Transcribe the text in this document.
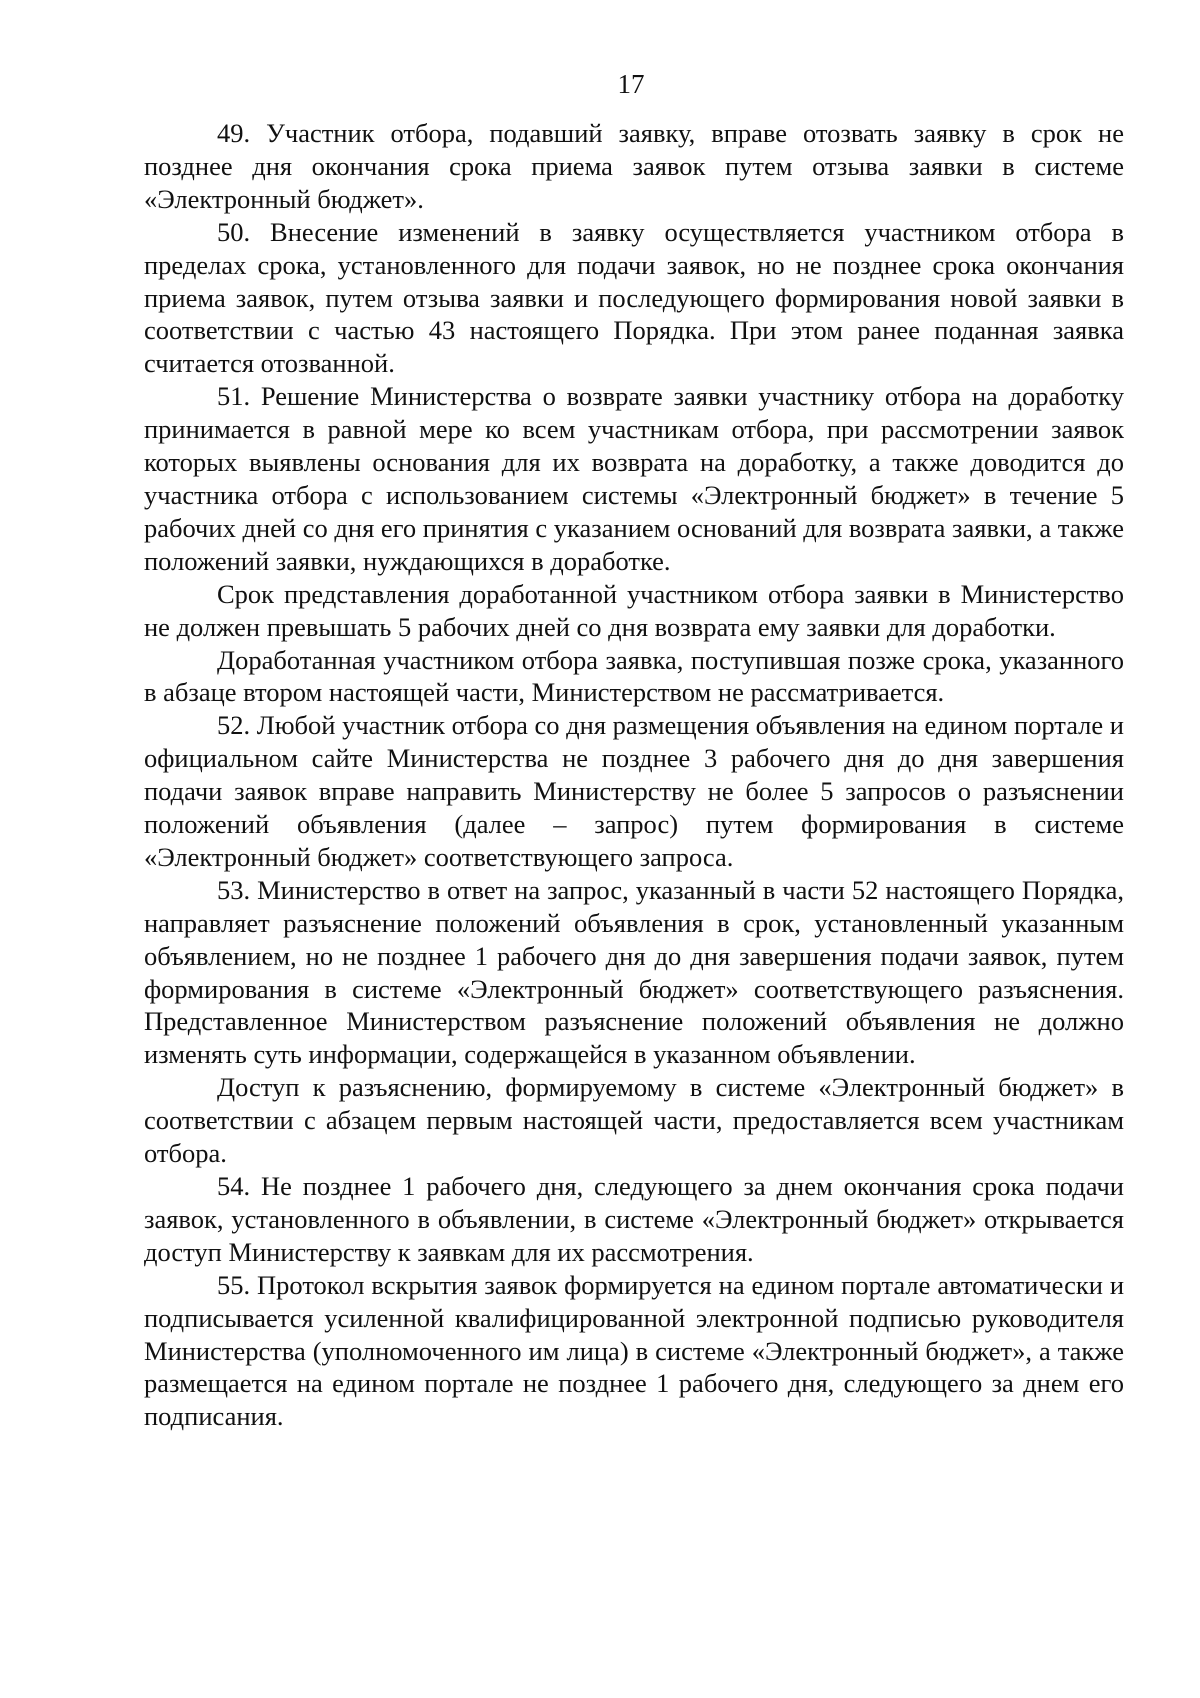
17

49. Участник отбора, подавший заявку, вправе отозвать заявку в срок не позднее дня окончания срока приема заявок путем отзыва заявки в системе «Электронный бюджет».

50. Внесение изменений в заявку осуществляется участником отбора в пределах срока, установленного для подачи заявок, но не позднее срока окончания приема заявок, путем отзыва заявки и последующего формирования новой заявки в соответствии с частью 43 настоящего Порядка. При этом ранее поданная заявка считается отозванной.

51. Решение Министерства о возврате заявки участнику отбора на доработку принимается в равной мере ко всем участникам отбора, при рассмотрении заявок которых выявлены основания для их возврата на доработку, а также доводится до участника отбора с использованием системы «Электронный бюджет» в течение 5 рабочих дней со дня его принятия с указанием оснований для возврата заявки, а также положений заявки, нуждающихся в доработке.

Срок представления доработанной участником отбора заявки в Министерство не должен превышать 5 рабочих дней со дня возврата ему заявки для доработки.

Доработанная участником отбора заявка, поступившая позже срока, указанного в абзаце втором настоящей части, Министерством не рассматривается.

52. Любой участник отбора со дня размещения объявления на едином портале и официальном сайте Министерства не позднее 3 рабочего дня до дня завершения подачи заявок вправе направить Министерству не более 5 запросов о разъяснении положений объявления (далее – запрос) путем формирования в системе «Электронный бюджет» соответствующего запроса.

53. Министерство в ответ на запрос, указанный в части 52 настоящего Порядка, направляет разъяснение положений объявления в срок, установленный указанным объявлением, но не позднее 1 рабочего дня до дня завершения подачи заявок, путем формирования в системе «Электронный бюджет» соответствующего разъяснения. Представленное Министерством разъяснение положений объявления не должно изменять суть информации, содержащейся в указанном объявлении.

Доступ к разъяснению, формируемому в системе «Электронный бюджет» в соответствии с абзацем первым настоящей части, предоставляется всем участникам отбора.

54. Не позднее 1 рабочего дня, следующего за днем окончания срока подачи заявок, установленного в объявлении, в системе «Электронный бюджет» открывается доступ Министерству к заявкам для их рассмотрения.

55. Протокол вскрытия заявок формируется на едином портале автоматически и подписывается усиленной квалифицированной электронной подписью руководителя Министерства (уполномоченного им лица) в системе «Электронный бюджет», а также размещается на едином портале не позднее 1 рабочего дня, следующего за днем его подписания.
